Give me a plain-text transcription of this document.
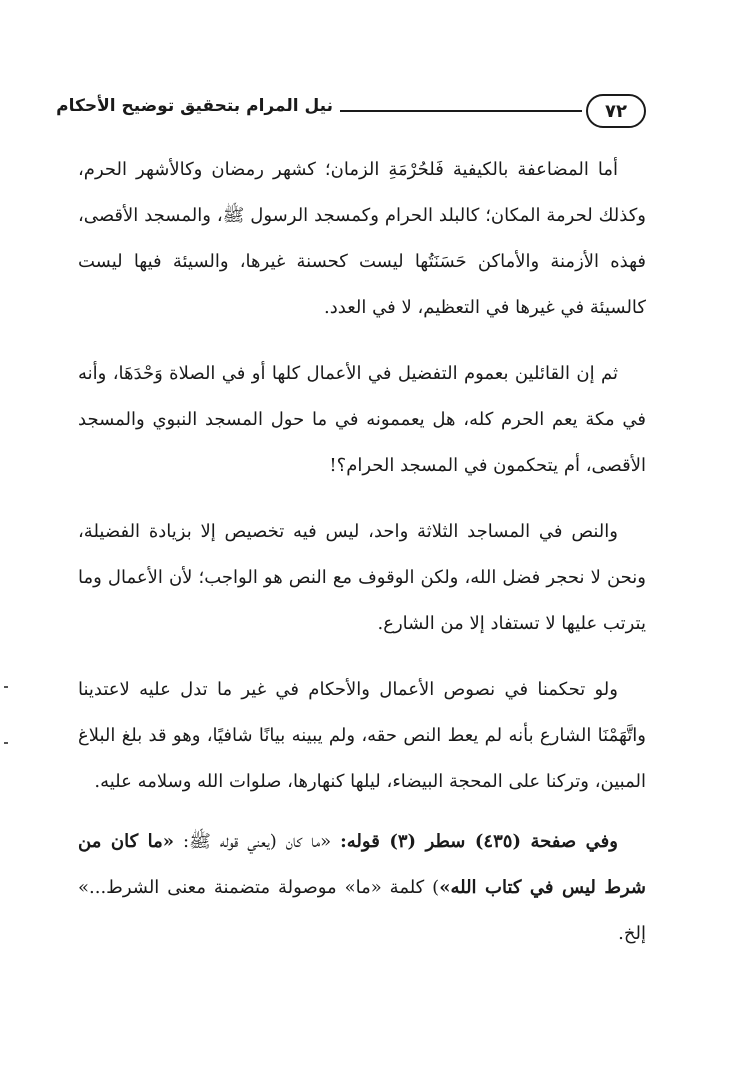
٧٢
نيل المرام بتحقيق توضيح الأحكام

أما المضاعفة بالكيفية فَلحُرْمَةِ الزمان؛ كشهر رمضان وكالأشهر الحرم، وكذلك لحرمة المكان؛ كالبلد الحرام وكمسجد الرسول ﷺ، والمسجد الأقصى، فهذه الأزمنة والأماكن حَسَنَتُها ليست كحسنة غيرها، والسيئة فيها ليست كالسيئة في غيرها في التعظيم، لا في العدد.

ثم إن القائلين بعموم التفضيل في الأعمال كلها أو في الصلاة وَحْدَهَا، وأنه في مكة يعم الحرم كله، هل يعممونه في ما حول المسجد النبوي والمسجد الأقصى، أم يتحكمون في المسجد الحرام؟!

والنص في المساجد الثلاثة واحد، ليس فيه تخصيص إلا بزيادة الفضيلة، ونحن لا نحجر فضل الله، ولكن الوقوف مع النص هو الواجب؛ لأن الأعمال وما يترتب عليها لا تستفاد إلا من الشارع.

ولو تحكمنا في نصوص الأعمال والأحكام في غير ما تدل عليه لاعتدينا واتَّهَمْنَا الشارع بأنه لم يعط النص حقه، ولم يبينه بيانًا شافيًا، وهو قد بلغ البلاغ المبين، وتركنا على المحجة البيضاء، ليلها كنهارها، صلوات الله وسلامه عليه.

وفي صفحة (٤٣٥) سطر (٣) قوله: «ما كان (يعني قوله ﷺ: «ما كان من شرط ليس في كتاب الله») كلمة «ما» موصولة متضمنة معنى الشرط...» إلخ.
